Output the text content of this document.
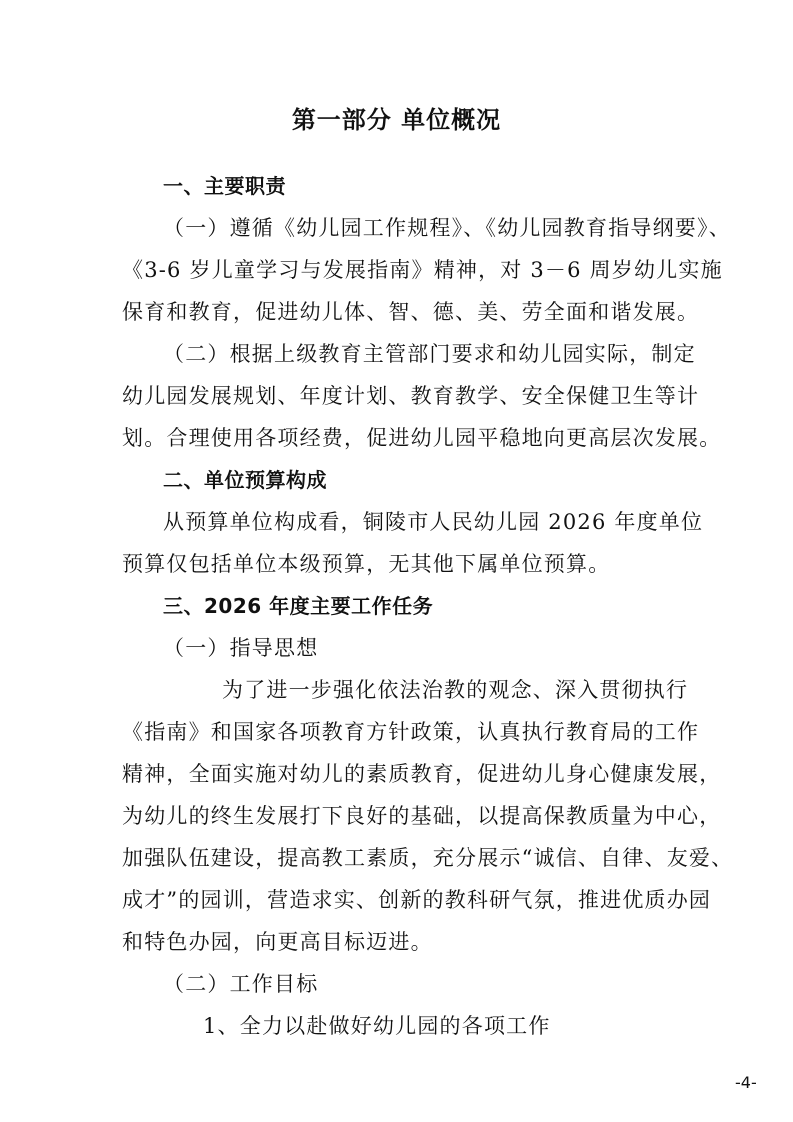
第一部分 单位概况
一、主要职责
（一）遵循《幼儿园工作规程》、《幼儿园教育指导纲要》、
《3-6 岁儿童学习与发展指南》精神，对 3－6 周岁幼儿实施
保育和教育，促进幼儿体、智、德、美、劳全面和谐发展。
（二）根据上级教育主管部门要求和幼儿园实际，制定
幼儿园发展规划、年度计划、教育教学、安全保健卫生等计
划。合理使用各项经费，促进幼儿园平稳地向更高层次发展。
二、单位预算构成
从预算单位构成看，铜陵市人民幼儿园 2026 年度单位
预算仅包括单位本级预算，无其他下属单位预算。
三、2026 年度主要工作任务
（一）指导思想
为了进一步强化依法治教的观念、深入贯彻执行
《指南》和国家各项教育方针政策，认真执行教育局的工作
精神，全面实施对幼儿的素质教育，促进幼儿身心健康发展，
为幼儿的终生发展打下良好的基础，以提高保教质量为中心，
加强队伍建设，提高教工素质，充分展示“诚信、自律、友爱、
成才”的园训，营造求实、创新的教科研气氛，推进优质办园
和特色办园，向更高目标迈进。
（二）工作目标
1、全力以赴做好幼儿园的各项工作
-4-
